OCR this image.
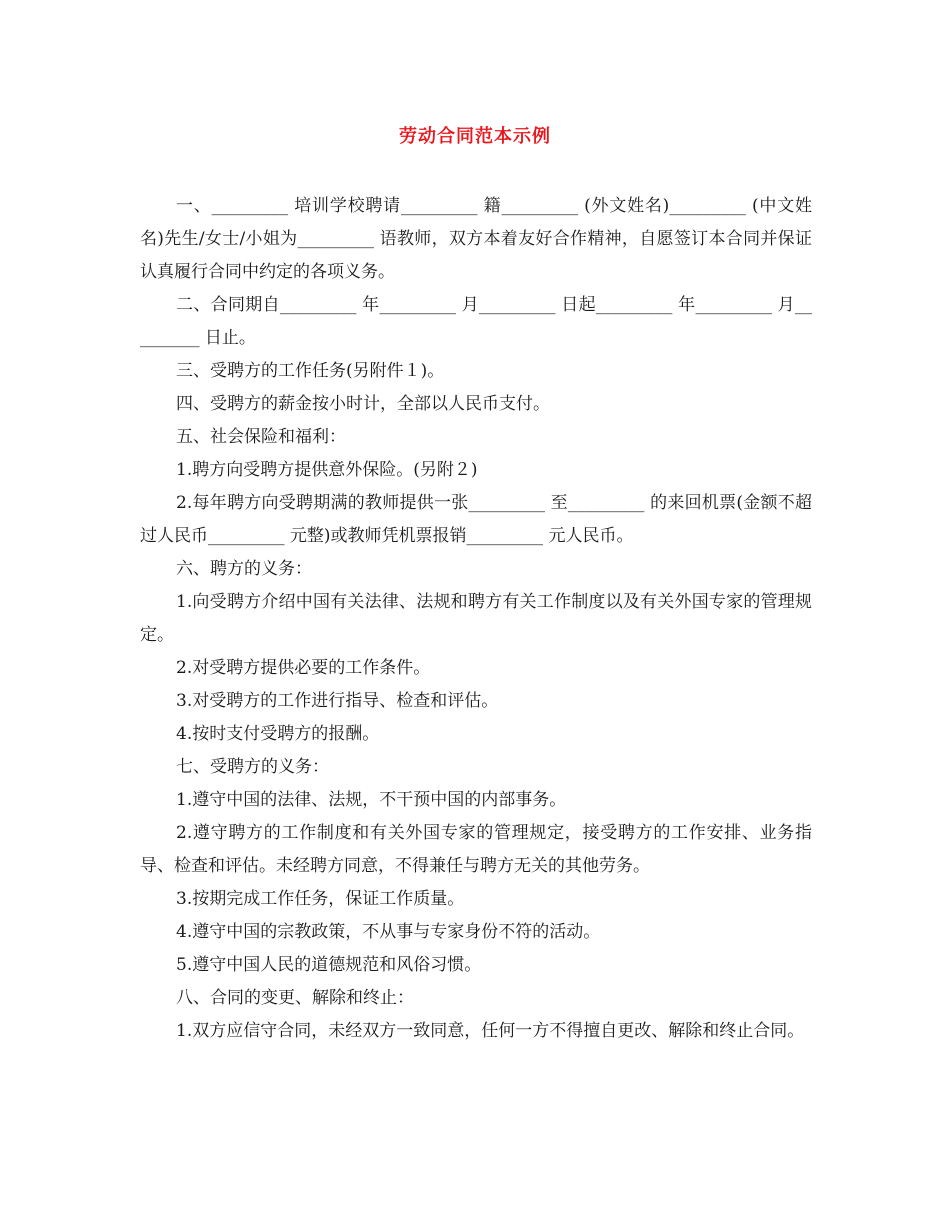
劳动合同范本示例

一、_________ 培训学校聘请_________ 籍_________ (外文姓名)_________ (中文姓名)先生/女士/小姐为_________ 语教师，双方本着友好合作精神，自愿签订本合同并保证认真履行合同中约定的各项义务。

二、合同期自_________ 年_________ 月_________ 日起_________ 年_________ 月_________ 日止。

三、受聘方的工作任务(另附件１)。

四、受聘方的薪金按小时计，全部以人民币支付。

五、社会保险和福利：

1.聘方向受聘方提供意外保险。(另附２)

2.每年聘方向受聘期满的教师提供一张_________ 至_________ 的来回机票(金额不超过人民币_________ 元整)或教师凭机票报销_________ 元人民币。

六、聘方的义务：

1.向受聘方介绍中国有关法律、法规和聘方有关工作制度以及有关外国专家的管理规定。

2.对受聘方提供必要的工作条件。

3.对受聘方的工作进行指导、检查和评估。

4.按时支付受聘方的报酬。

七、受聘方的义务：

1.遵守中国的法律、法规，不干预中国的内部事务。

2.遵守聘方的工作制度和有关外国专家的管理规定，接受聘方的工作安排、业务指导、检查和评估。未经聘方同意，不得兼任与聘方无关的其他劳务。

3.按期完成工作任务，保证工作质量。

4.遵守中国的宗教政策，不从事与专家身份不符的活动。

5.遵守中国人民的道德规范和风俗习惯。

八、合同的变更、解除和终止：

1.双方应信守合同，未经双方一致同意，任何一方不得擅自更改、解除和终止合同。
